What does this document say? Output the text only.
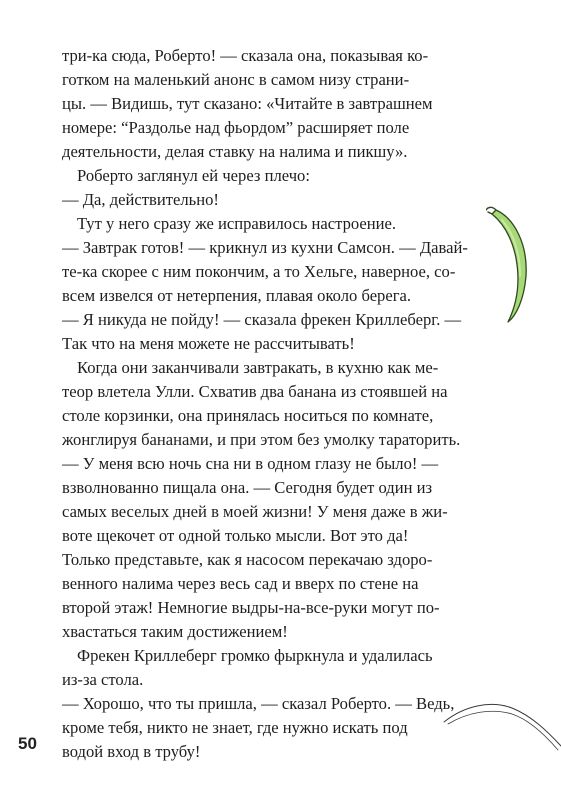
три-ка сюда, Роберто! — сказала она, показывая ко-
готком на маленький анонс в самом низу страни-
цы. — Видишь, тут сказано: «Читайте в завтрашнем
номере: “Раздолье над фьордом” расширяет поле
деятельности, делая ставку на налима и пикшу».
Роберто заглянул ей через плечо:
— Да, действительно!
Тут у него сразу же исправилось настроение.
— Завтрак готов! — крикнул из кухни Самсон. — Давай-
те-ка скорее с ним покончим, а то Хельге, наверное, со-
всем извелся от нетерпения, плавая около берега.
— Я никуда не пойду! — сказала фрекен Криллеберг. —
Так что на меня можете не рассчитывать!
Когда они заканчивали завтракать, в кухню как ме-
теор влетела Улли. Схватив два банана из стоявшей на
столе корзинки, она принялась носиться по комнате,
жонглируя бананами, и при этом без умолку тараторить.
— У меня всю ночь сна ни в одном глазу не было! —
взволнованно пищала она. — Сегодня будет один из
самых веселых дней в моей жизни! У меня даже в жи-
воте щекочет от одной только мысли. Вот это да!
Только представьте, как я насосом перекачаю здоро-
венного налима через весь сад и вверх по стене на
второй этаж! Немногие выдры-на-все-руки могут по-
хвастаться таким достижением!
Фрекен Криллеберг громко фыркнула и удалилась
из-за стола.
— Хорошо, что ты пришла, — сказал Роберто. — Ведь,
кроме тебя, никто не знает, где нужно искать под
водой вход в трубу!
50
